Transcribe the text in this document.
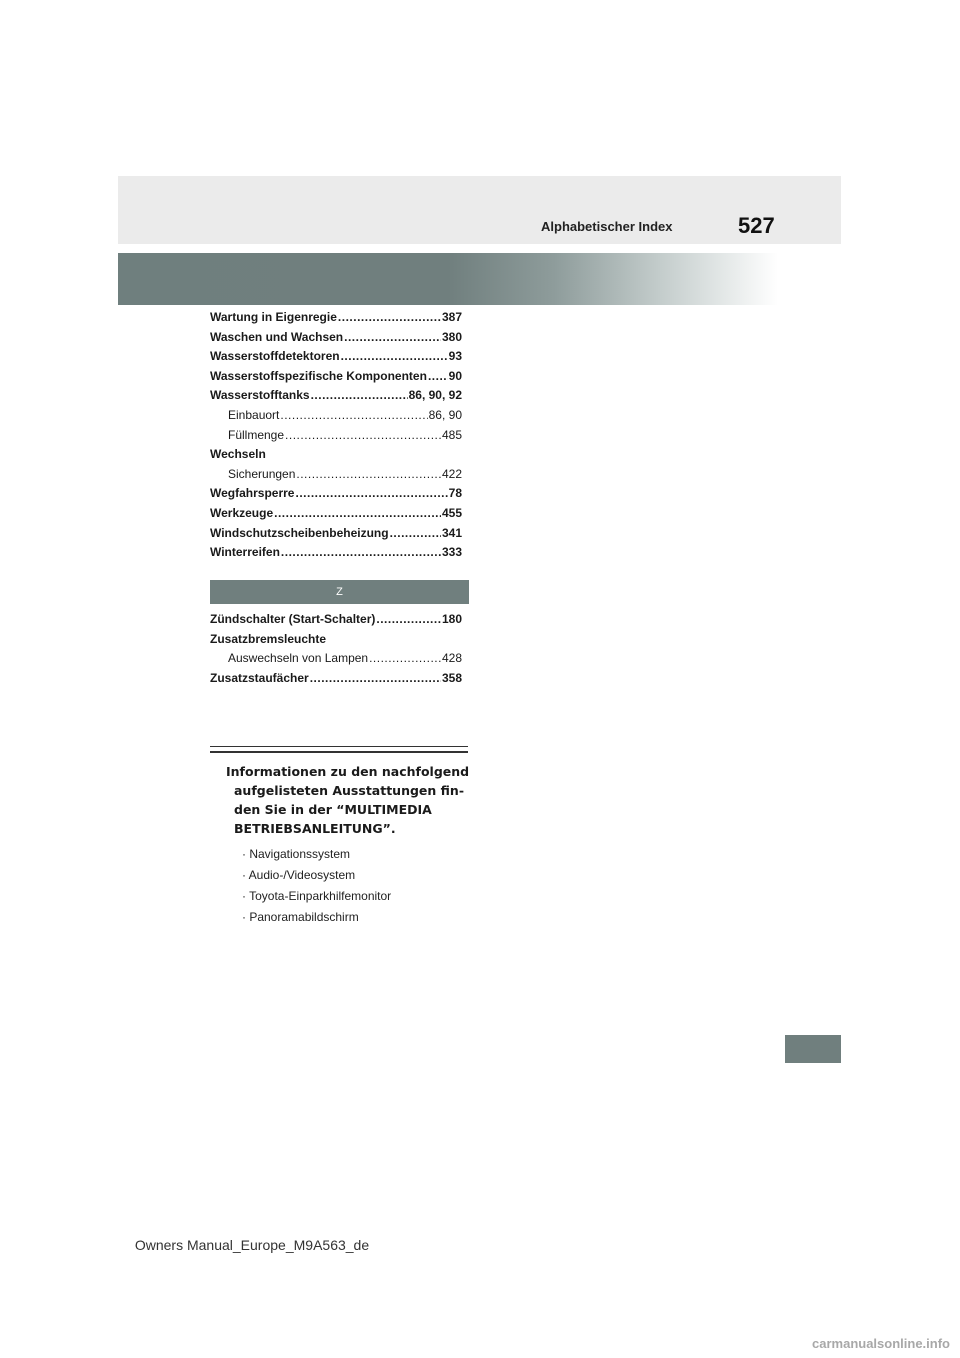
Alphabetischer Index	527
Wartung in Eigenregie .....	387
Waschen und Wachsen .....	380
Wasserstoffdetektoren .....	93
Wasserstoffspezifische Komponenten ..... 90
Wasserstofftanks .....	86, 90, 92
Einbauort .....	86, 90
Füllmenge .....	485
Wechseln
Sicherungen .....	422
Wegfahrsperre .....	78
Werkzeuge .....	455
Windschutzscheibenbeheizung .....	341
Winterreifen .....	333
Z
Zündschalter (Start-Schalter) .....	180
Zusatzbremsleuchte
Auswechseln von Lampen .....	428
Zusatzstaufächer .....	358

Informationen zu den nachfolgend
aufgelisteten Ausstattungen fin-
den Sie in der “MULTIMEDIA
BETRIEBSANLEITUNG”.

· Navigationssystem
· Audio-/Videosystem
· Toyota-Einparkhilfemonitor
· Panoramabildschirm
Owners Manual_Europe_M9A563_de
carmanualsonline.info
